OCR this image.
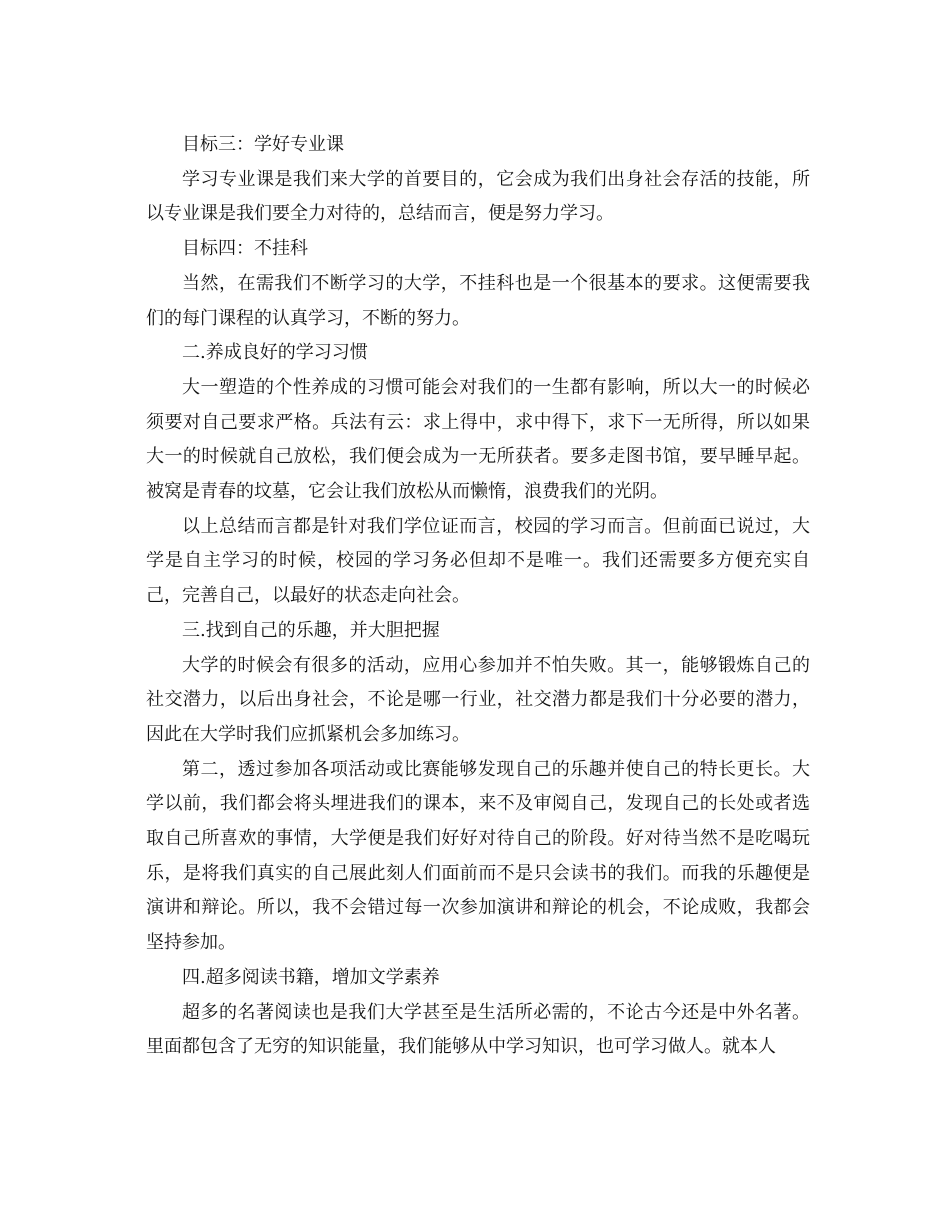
目标三：学好专业课

学习专业课是我们来大学的首要目的，它会成为我们出身社会存活的技能，所以专业课是我们要全力对待的，总结而言，便是努力学习。

目标四：不挂科

当然，在需我们不断学习的大学，不挂科也是一个很基本的要求。这便需要我们的每门课程的认真学习，不断的努力。

二.养成良好的学习习惯

大一塑造的个性养成的习惯可能会对我们的一生都有影响，所以大一的时候必须要对自己要求严格。兵法有云：求上得中，求中得下，求下一无所得，所以如果大一的时候就自己放松，我们便会成为一无所获者。要多走图书馆，要早睡早起。被窝是青春的坟墓，它会让我们放松从而懒惰，浪费我们的光阴。

以上总结而言都是针对我们学位证而言，校园的学习而言。但前面已说过，大学是自主学习的时候，校园的学习务必但却不是唯一。我们还需要多方便充实自己，完善自己，以最好的状态走向社会。

三.找到自己的乐趣，并大胆把握

大学的时候会有很多的活动，应用心参加并不怕失败。其一，能够锻炼自己的社交潜力，以后出身社会，不论是哪一行业，社交潜力都是我们十分必要的潜力，因此在大学时我们应抓紧机会多加练习。

第二，透过参加各项活动或比赛能够发现自己的乐趣并使自己的特长更长。大学以前，我们都会将头埋进我们的课本，来不及审阅自己，发现自己的长处或者选取自己所喜欢的事情，大学便是我们好好对待自己的阶段。好对待当然不是吃喝玩乐，是将我们真实的自己展此刻人们面前而不是只会读书的我们。而我的乐趣便是演讲和辩论。所以，我不会错过每一次参加演讲和辩论的机会，不论成败，我都会坚持参加。

四.超多阅读书籍，增加文学素养

超多的名著阅读也是我们大学甚至是生活所必需的，不论古今还是中外名著。里面都包含了无穷的知识能量，我们能够从中学习知识，也可学习做人。就本人
